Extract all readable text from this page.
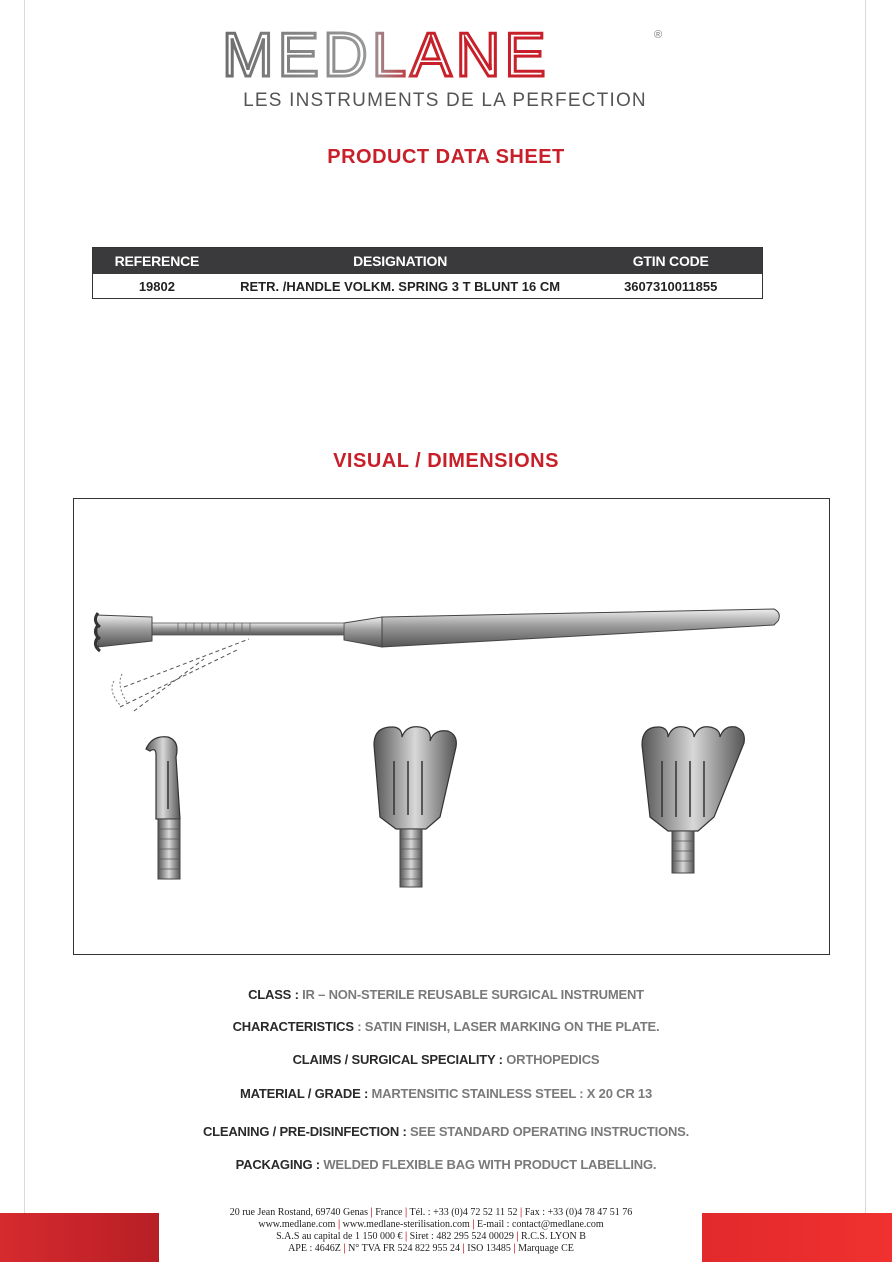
MEDLANE	®
LES INSTRUMENTS DE LA PERFECTION
PRODUCT DATA SHEET
REFERENCE	DESIGNATION	GTIN CODE
19802	RETR. /HANDLE VOLKM. SPRING 3 T BLUNT 16 CM	3607310011855
VISUAL / DIMENSIONS
CLASS : IR – NON-STERILE REUSABLE SURGICAL INSTRUMENT
CHARACTERISTICS : SATIN FINISH, LASER MARKING ON THE PLATE.
CLAIMS / SURGICAL SPECIALITY : ORTHOPEDICS
MATERIAL / GRADE : MARTENSITIC STAINLESS STEEL : X 20 CR 13
CLEANING / PRE-DISINFECTION : SEE STANDARD OPERATING INSTRUCTIONS.
PACKAGING : WELDED FLEXIBLE BAG WITH PRODUCT LABELLING.
20 rue Jean Rostand, 69740 Genas | France | Tél. : +33 (0)4 72 52 11 52 | Fax : +33 (0)4 78 47 51 76
www.medlane.com | www.medlane-sterilisation.com | E-mail : contact@medlane.com
S.A.S au capital de 1 150 000 € | Siret : 482 295 524 00029 | R.C.S. LYON B
APE : 4646Z | N° TVA FR 524 822 955 24 | ISO 13485 | Marquage CE
